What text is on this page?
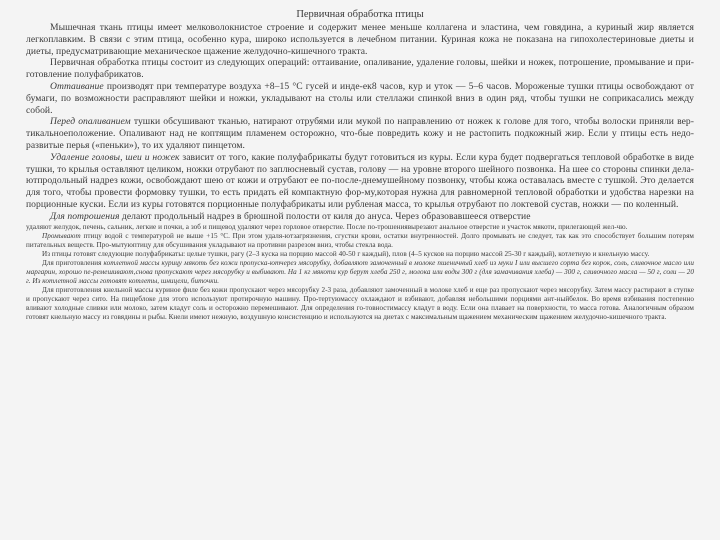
Первичная обработка птицы

Мышечная ткань птицы имеет мелковолокнистое строение и содержит менее меньше коллагена и эластина, чем говядина, а куриный жир является легкоплавким. В связи с этим птица, особенно кура, широко используется в лечебном питании. Куриная кожа не показана на гипохолестериновые диеты и диеты, предусматривающие механическое щажение желудочно-кишечного тракта.

Первичная обработка птицы состоит из следующих операций: оттаивание, опаливание, удаление головы, шейки и ножек, потрошение, промывание и при-готовление полуфабрикатов.

Оттаивание производят при температуре воздуха +8–15 °С гусей и инде-ек8 часов, кур и уток — 5–6 часов. Мороженые тушки птицы освобождают от бумаги, по возможности расправляют шейки и ножки, укладывают на столы или стеллажи спинкой вниз в один ряд, чтобы тушки не соприкасались между собой.

Перед опаливанием тушки обсушивают тканью, натирают отрубями или мукой по направлению от ножек к голове для того, чтобы волоски приняли вер-тикальноеположение. Опаливают над не коптящим пламенем осторожно, что-бые повредить кожу и не растопить подкожный жир. Если у птицы есть недо-развитые перья («пеньки»), то их удаляют пинцетом.

Удаление головы, шеи и ножек зависит от того, какие полуфабрикаты будут готовиться из куры. Если кура будет подвергаться тепловой обработке в виде тушки, то крылья оставляют целиком, ножки отрубают по заплюсневый сустав, голову — на уровне второго шейного позвонка. На шее со стороны спинки дела-ютпродольный надрез кожи, освобождают шею от кожи и отрубают ее по-после-днемушейному позвонку, чтобы кожа оставалась вместе с тушкой. Это делается для того, чтобы провести формовку тушки, то есть придать ей компактную фор-му,которая нужна для равномерной тепловой обработки и удобства нарезки на порционные куски. Если из куры готовятся порционные полуфабрикаты или рубленая масса, то крылья отрубают по локтевой сустав, ножки — по коленный.

Для потрошения делают продольный надрез в брюшной полости от киля до ануса. Через образовавшееся отверстие

удаляют желудок, печень, сальник, легкие и почки, а зоб и пищевод удаляют через горловое отверстие. После по-трошениявырезают анальное отверстие и участок мякоти, прилегающей жел-чю.

Промывают птицу водой с температурой не выше +15 °С. При этом удаля-ютзагрязнения, сгустки крови, остатки внутренностей. Долго промывать не следует, так как это способствует большим потерям питательных веществ. Про-мытуюптицу для обсушивания укладывают на противни разрезом вниз, чтобы стекла вода.

Из птицы готовят следующие полуфабрикаты: целые тушки, рагу (2–3 куска на порцию массой 40-50 г каждый), плов (4–5 кусков на порцию массой 25-30 г каждый), котлетную и кнельную массу.

Для приготовления котлетной массы курицу мякоть без кожи пропуска-ютчерез мясорубку, добавляют замоченный в молоке пшеничный хлеб из муки I или высшего сорта без корок, соль, сливочное масло или маргарин, хорошо пе-ремешивают,снова пропускают через мясорубку и выбивают. На 1 кг мякоти кур берут хлеба 250 г, молока или воды 300 г (для замачивания хлеба) — 300 г, сливочного масла — 50 г, соли — 20 г. Из котлетной массы готовят котлеты, шницели, биточки.

Для приготовления кнельной массы куриное филе без кожи пропускают через мясорубку 2-3 раза, добавляют замоченный в молоке хлеб и еще раз пропускают через мясорубку. Затем массу растирают в ступке и пропускают через сито. На пищеблоке для этого используют протирочную машину. Про-тертуюмассу охлаждают и взбивают, добавляя небольшими порциями ант-ныйбелок. Во время взбивания постепенно вливают холодные сливки или молоко, затем кладут соль и осторожно перемешивают. Для определения го-товностимассу кладут в воду. Если она плавает на поверхности, то масса готова. Аналогичным образом готовят кнельную массу из говядины и рыбы. Кнели имеют нежную, воздушную консистенцию и используются на диетах с максимальным щажением механическим щажением желудочно-кишечного тракта.
